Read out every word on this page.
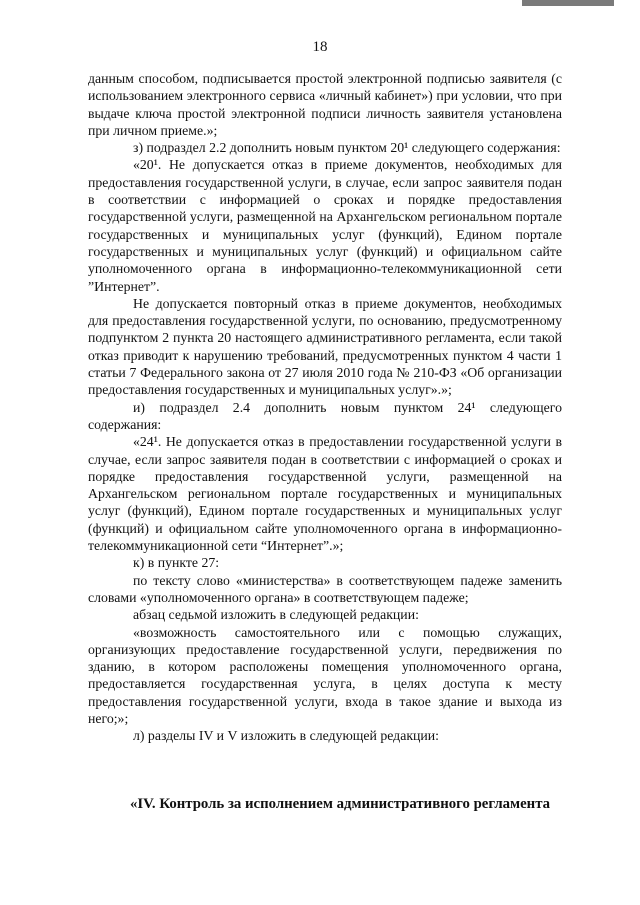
18

данным способом, подписывается простой электронной подписью заявителя (с использованием электронного сервиса «личный кабинет») при условии, что при выдаче ключа простой электронной подписи личность заявителя установлена при личном приеме.»;

з) подраздел 2.2 дополнить новым пунктом 20¹ следующего содержания:

«20¹. Не допускается отказ в приеме документов, необходимых для предоставления государственной услуги, в случае, если запрос заявителя подан в соответствии с информацией о сроках и порядке предоставления государственной услуги, размещенной на Архангельском региональном портале государственных и муниципальных услуг (функций), Едином портале государственных и муниципальных услуг (функций) и официальном сайте уполномоченного органа в информационно-телекоммуникационной сети ”Интернет”.

Не допускается повторный отказ в приеме документов, необходимых для предоставления государственной услуги, по основанию, предусмотренному подпунктом 2 пункта 20 настоящего административного регламента, если такой отказ приводит к нарушению требований, предусмотренных пунктом 4 части 1 статьи 7 Федерального закона от 27 июля 2010 года № 210-ФЗ «Об организации предоставления государственных и муниципальных услуг».»;

и) подраздел 2.4 дополнить новым пунктом 24¹ следующего содержания:

«24¹. Не допускается отказ в предоставлении государственной услуги в случае, если запрос заявителя подан в соответствии с информацией о сроках и порядке предоставления государственной услуги, размещенной на Архангельском региональном портале государственных и муниципальных услуг (функций), Едином портале государственных и муниципальных услуг (функций) и официальном сайте уполномоченного органа в информационно-телекоммуникационной сети “Интернет”.»;

к) в пункте 27:

по тексту слово «министерства» в соответствующем падеже заменить словами «уполномоченного органа» в соответствующем падеже;

абзац седьмой изложить в следующей редакции:

«возможность самостоятельного или с помощью служащих, организующих предоставление государственной услуги, передвижения по зданию, в котором расположены помещения уполномоченного органа, предоставляется государственная услуга, в целях доступа к месту предоставления государственной услуги, входа в такое здание и выхода из него;»;

л) разделы IV и V изложить в следующей редакции:

«IV. Контроль за исполнением административного регламента
